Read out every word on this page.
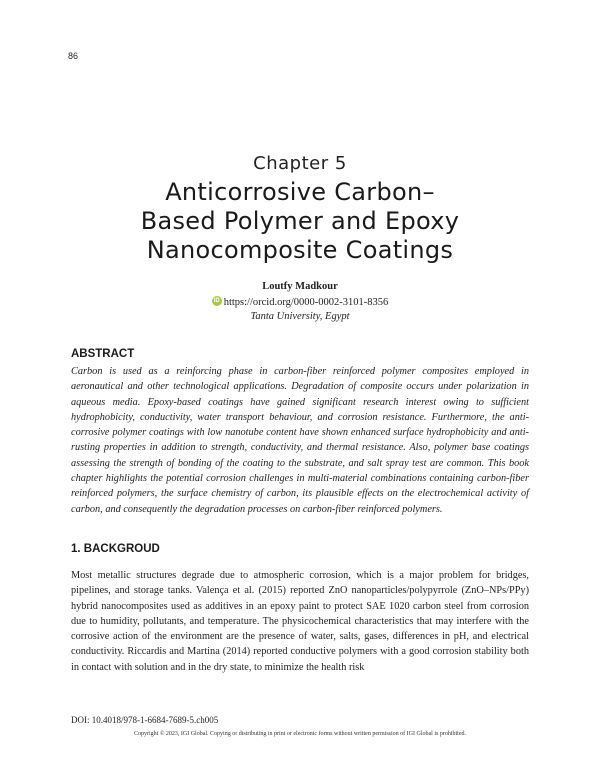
86
Chapter 5
Anticorrosive Carbon–
Based Polymer and Epoxy
Nanocomposite Coatings
Loutfy Madkour
iD https://orcid.org/0000-0002-3101-8356
Tanta University, Egypt
ABSTRACT
Carbon is used as a reinforcing phase in carbon-fiber reinforced polymer composites employed in aeronautical and other technological applications. Degradation of composite occurs under polarization in aqueous media. Epoxy-based coatings have gained significant research interest owing to sufficient hydrophobicity, conductivity, water transport behaviour, and corrosion resistance. Furthermore, the anti-corrosive polymer coatings with low nanotube content have shown enhanced surface hydrophobicity and anti-rusting properties in addition to strength, conductivity, and thermal resistance. Also, polymer base coatings assessing the strength of bonding of the coating to the substrate, and salt spray test are common. This book chapter highlights the potential corrosion challenges in multi-material combinations containing carbon-fiber reinforced polymers, the surface chemistry of carbon, its plausible effects on the electrochemical activity of carbon, and consequently the degradation processes on carbon-fiber reinforced polymers.
1. BACKGROUD
Most metallic structures degrade due to atmospheric corrosion, which is a major problem for bridges, pipelines, and storage tanks. Valença et al. (2015) reported ZnO nanoparticles/polypyrrole (ZnO–NPs/PPy) hybrid nanocomposites used as additives in an epoxy paint to protect SAE 1020 carbon steel from corrosion due to humidity, pollutants, and temperature. The physicochemical characteristics that may interfere with the corrosive action of the environment are the presence of water, salts, gases, differences in pH, and electrical conductivity. Riccardis and Martina (2014) reported conductive polymers with a good corrosion stability both in contact with solution and in the dry state, to minimize the health risk
DOI: 10.4018/978-1-6684-7689-5.ch005
Copyright © 2023, IGI Global. Copying or distributing in print or electronic forms without written permission of IGI Global is prohibited.
